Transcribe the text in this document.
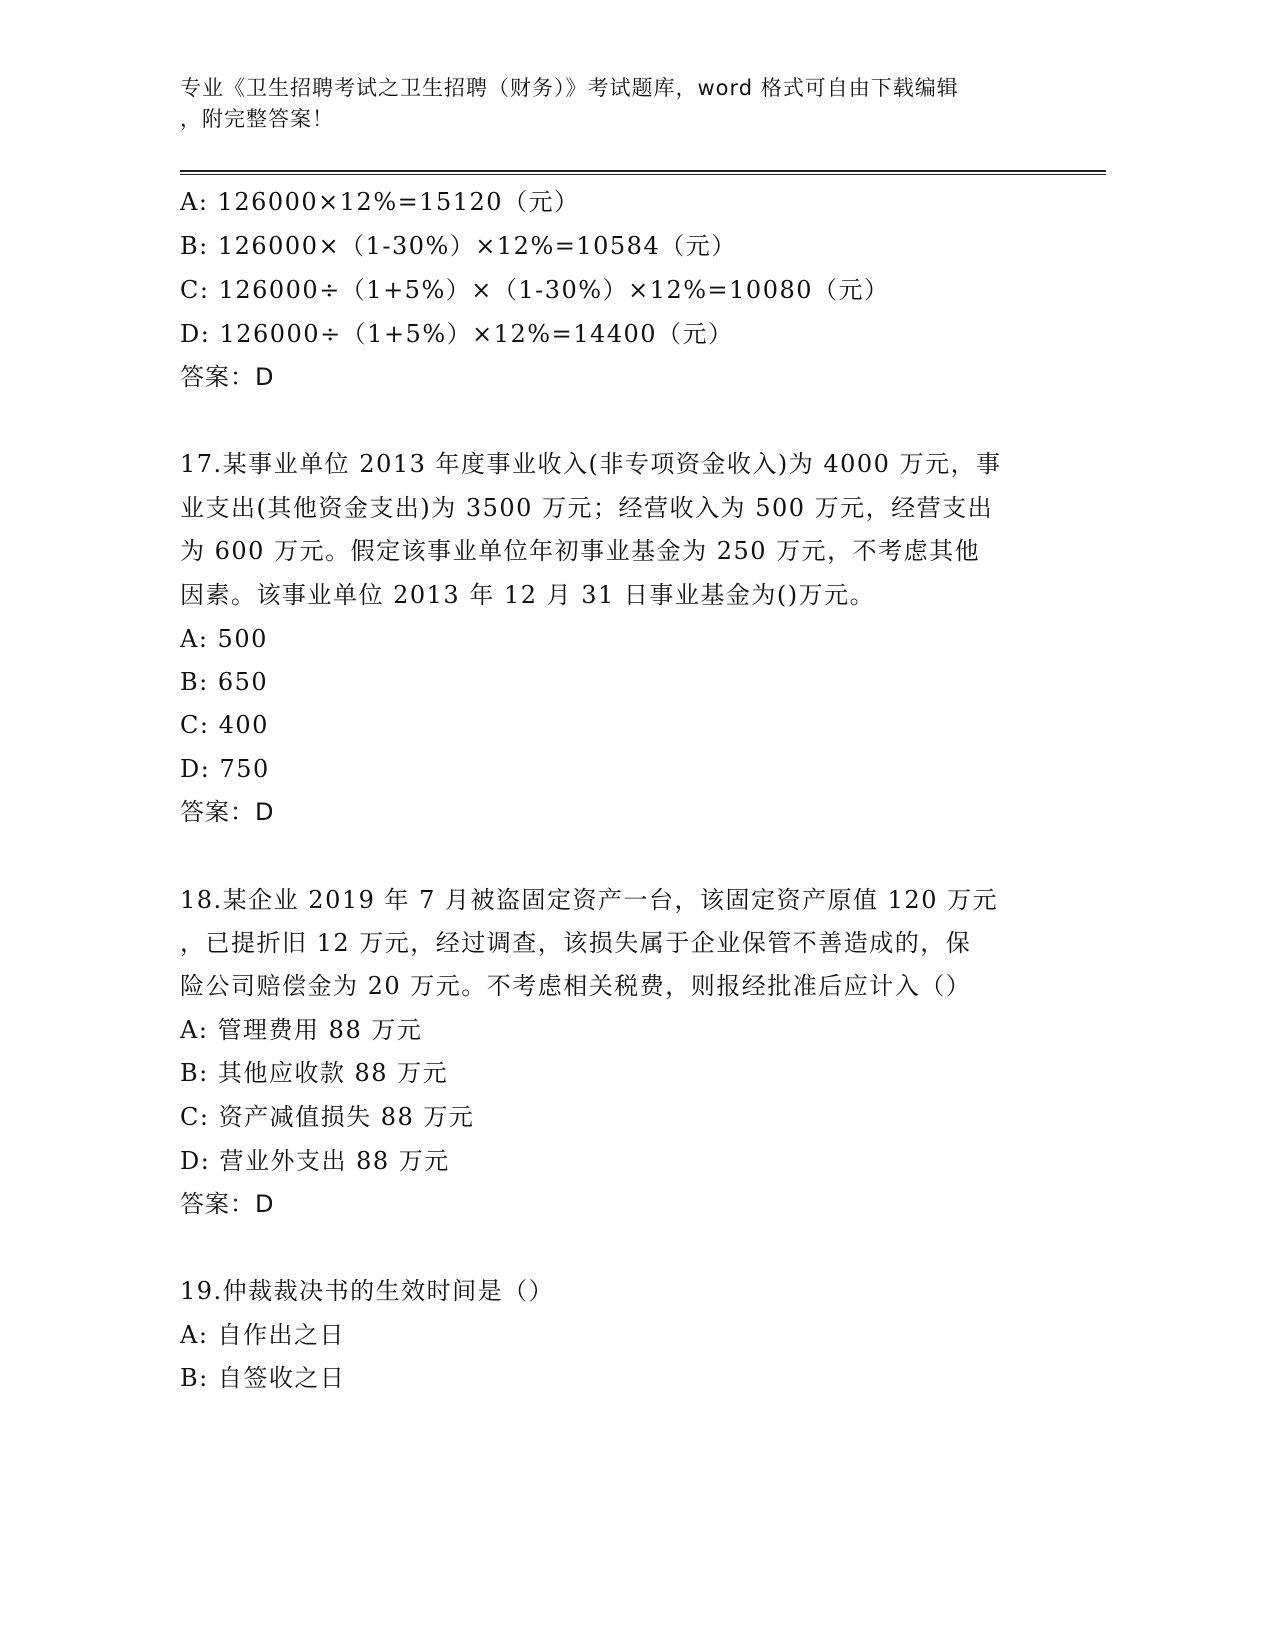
专业《卫生招聘考试之卫生招聘（财务）》考试题库，word 格式可自由下载编辑
，附完整答案！
A: 126000×12%=15120（元）
B: 126000×（1-30%）×12%=10584（元）
C: 126000÷（1+5%）×（1-30%）×12%=10080（元）
D: 126000÷（1+5%）×12%=14400（元）
答案：D
17.某事业单位 2013 年度事业收入(非专项资金收入)为 4000 万元，事
业支出(其他资金支出)为 3500 万元；经营收入为 500 万元，经营支出
为 600 万元。假定该事业单位年初事业基金为 250 万元，不考虑其他
因素。该事业单位 2013 年 12 月 31 日事业基金为()万元。
A: 500
B: 650
C: 400
D: 750
答案：D
18.某企业 2019 年 7 月被盗固定资产一台，该固定资产原值 120 万元
，已提折旧 12 万元，经过调查，该损失属于企业保管不善造成的，保
险公司赔偿金为 20 万元。不考虑相关税费，则报经批准后应计入（）
A: 管理费用 88 万元
B: 其他应收款 88 万元
C: 资产减值损失 88 万元
D: 营业外支出 88 万元
答案：D
19.仲裁裁决书的生效时间是（）
A: 自作出之日
B: 自签收之日
